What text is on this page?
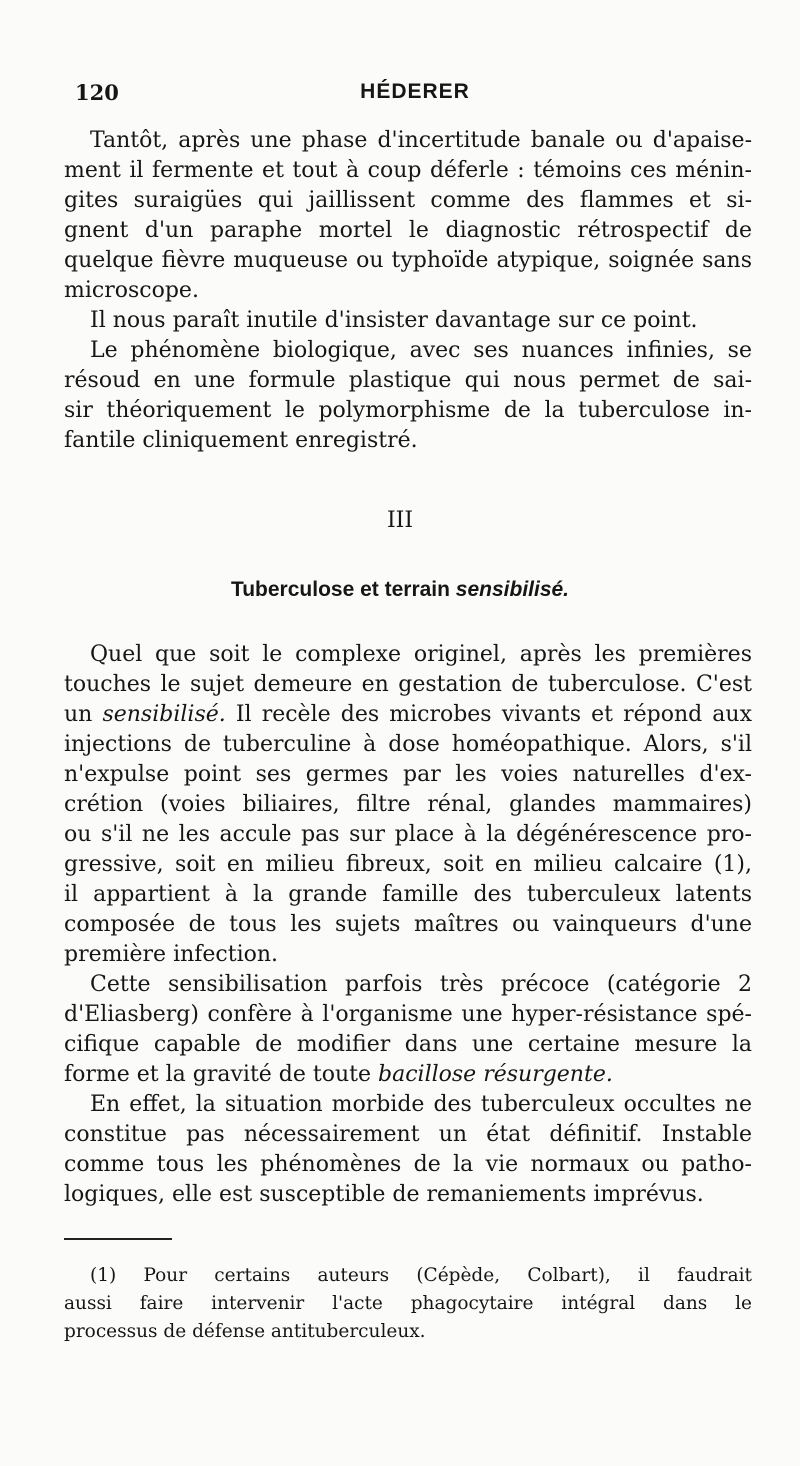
120	HÉDERER
Tantôt, après une phase d'incertitude banale ou d'apaise-
ment il fermente et tout à coup déferle : témoins ces ménin-
gites suraigües qui jaillissent comme des flammes et si-
gnent d'un paraphe mortel le diagnostic rétrospectif de
quelque fièvre muqueuse ou typhoïde atypique, soignée sans
microscope.
Il nous paraît inutile d'insister davantage sur ce point.
Le phénomène biologique, avec ses nuances infinies, se
résoud en une formule plastique qui nous permet de sai-
sir théoriquement le polymorphisme de la tuberculose in-
fantile cliniquement enregistré.
III
Tuberculose et terrain sensibilisé.
Quel que soit le complexe originel, après les premières
touches le sujet demeure en gestation de tuberculose. C'est
un sensibilisé. Il recèle des microbes vivants et répond aux
injections de tuberculine à dose homéopathique. Alors, s'il
n'expulse point ses germes par les voies naturelles d'ex-
crétion (voies biliaires, filtre rénal, glandes mammaires)
ou s'il ne les accule pas sur place à la dégénérescence pro-
gressive, soit en milieu fibreux, soit en milieu calcaire (1),
il appartient à la grande famille des tuberculeux latents
composée de tous les sujets maîtres ou vainqueurs d'une
première infection.
Cette sensibilisation parfois très précoce (catégorie 2
d'Eliasberg) confère à l'organisme une hyper-résistance spé-
cifique capable de modifier dans une certaine mesure la
forme et la gravité de toute bacillose résurgente.
En effet, la situation morbide des tuberculeux occultes ne
constitue pas nécessairement un état définitif. Instable
comme tous les phénomènes de la vie normaux ou patho-
logiques, elle est susceptible de remaniements imprévus.
(1) Pour certains auteurs (Cépède, Colbart), il faudrait
aussi faire intervenir l'acte phagocytaire intégral dans le
processus de défense antituberculeux.
